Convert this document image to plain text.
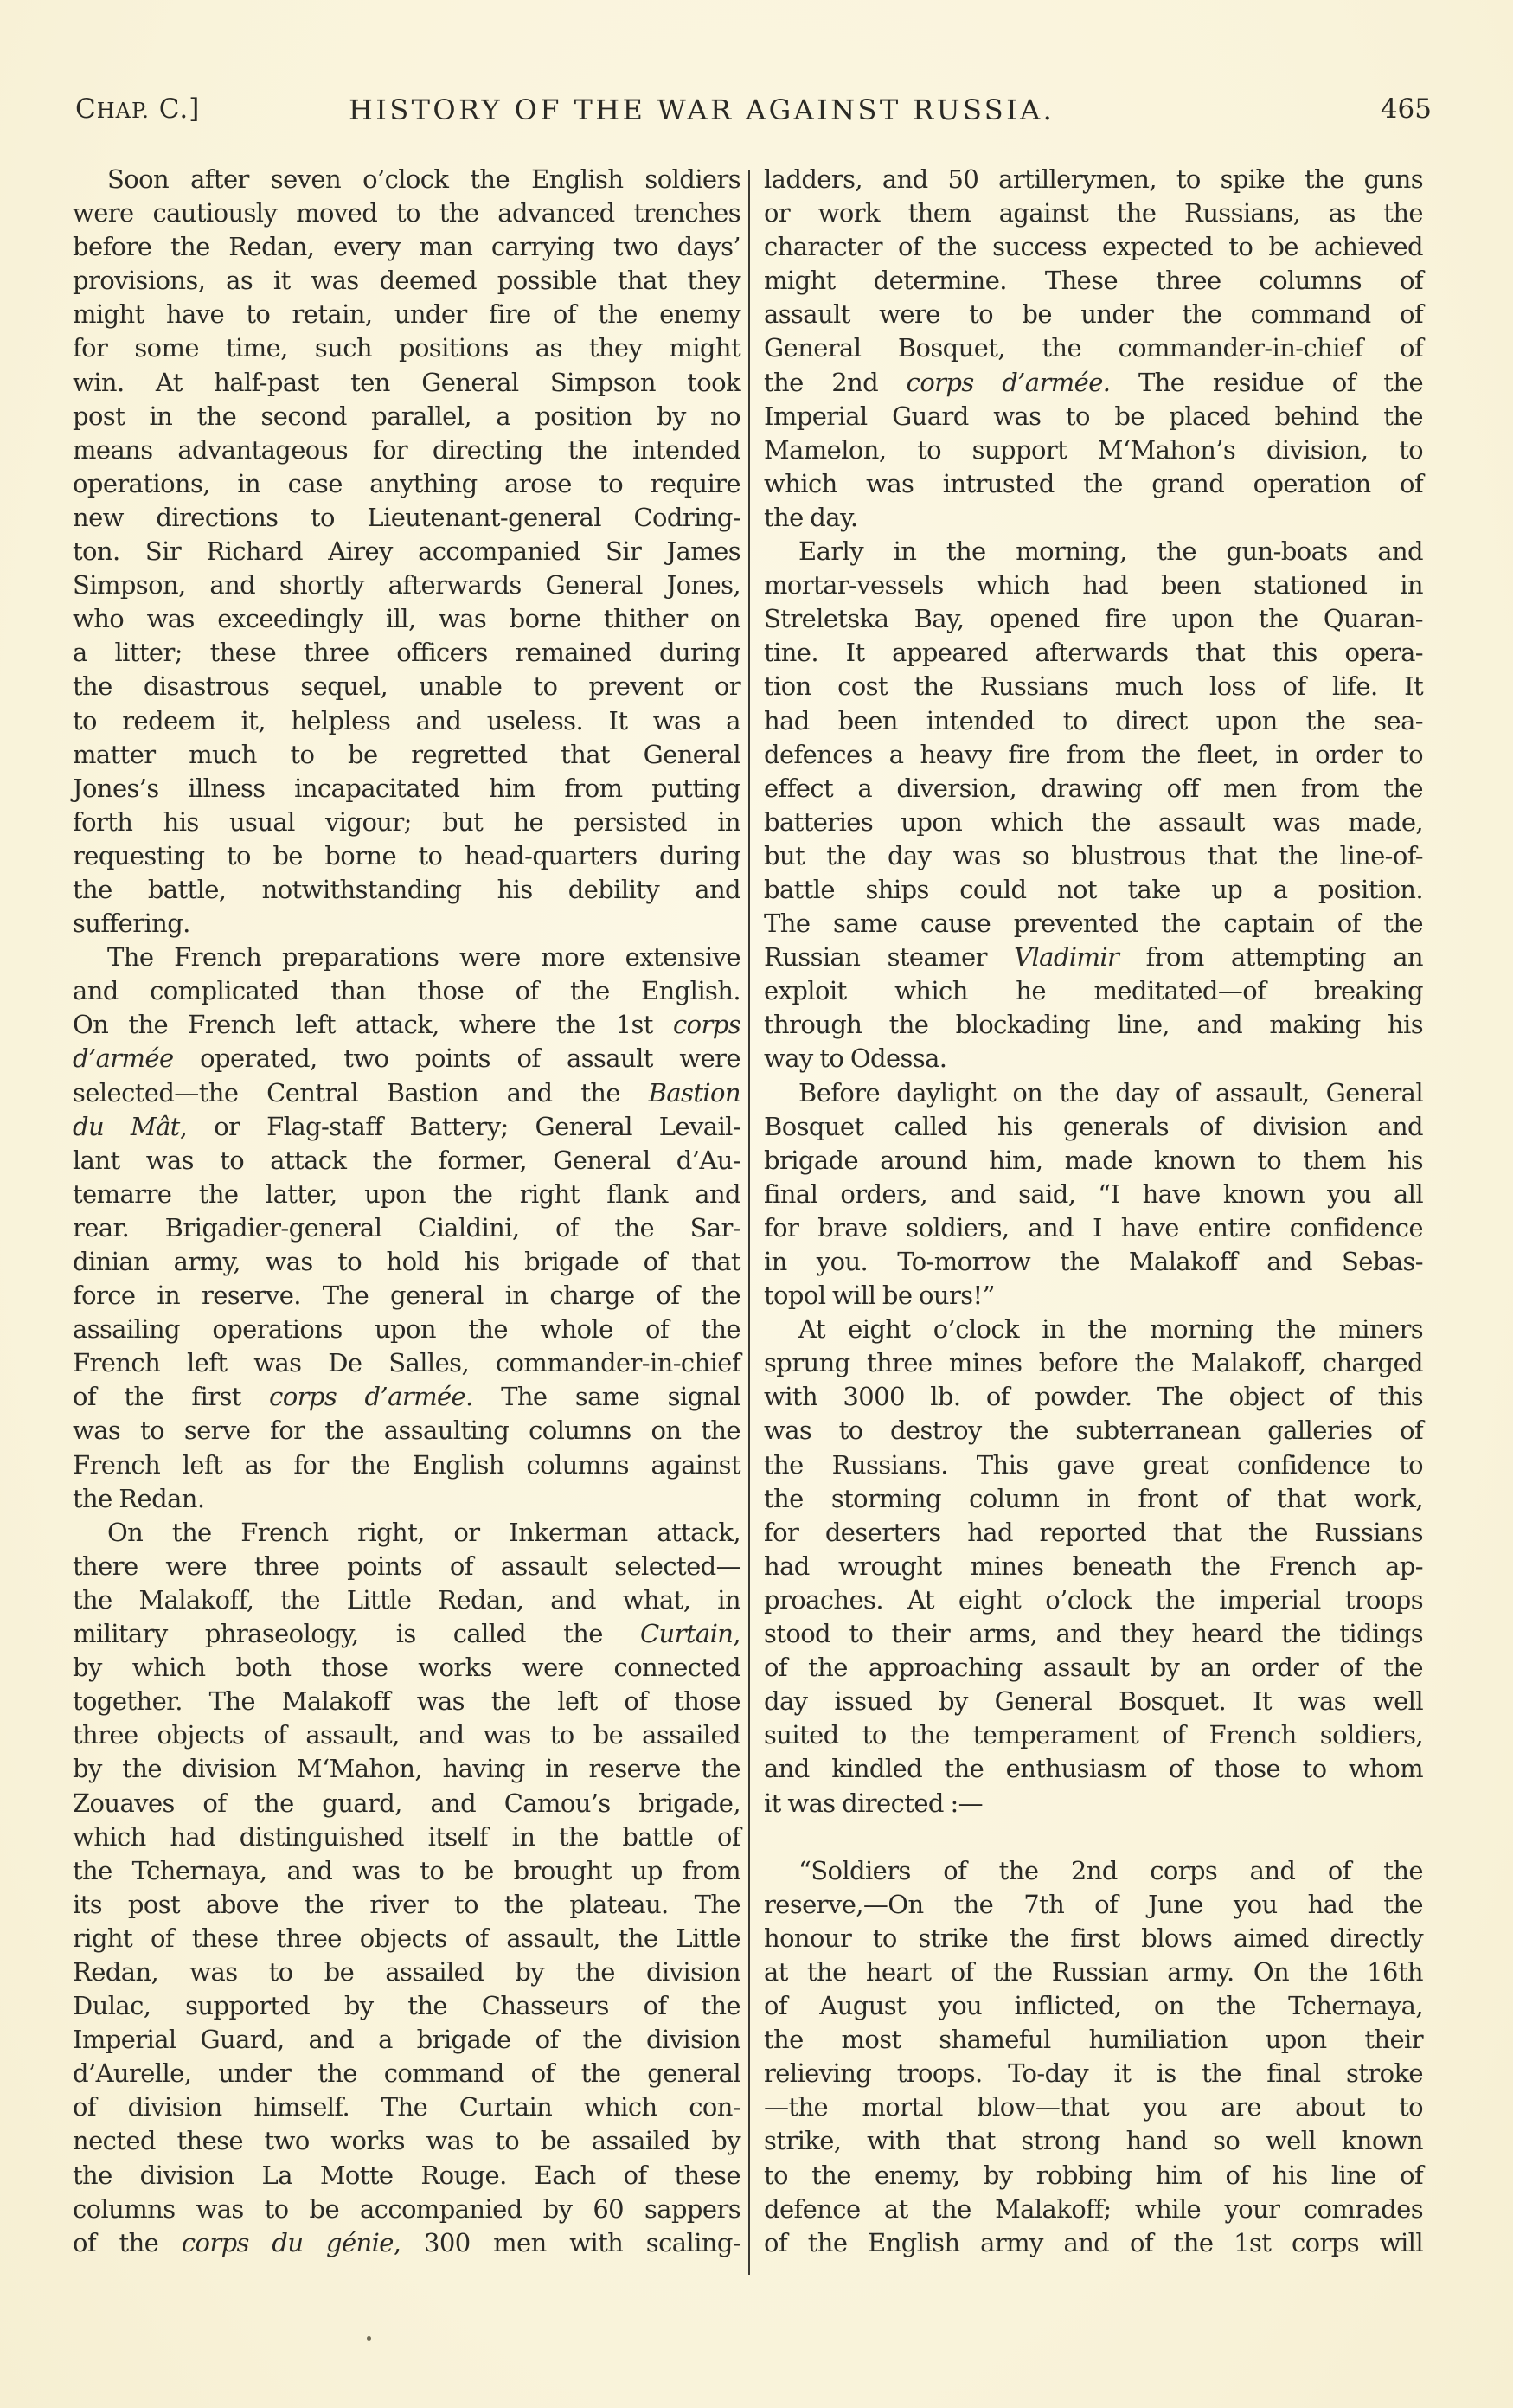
CHAP. C.]	HISTORY OF THE WAR AGAINST RUSSIA.	465
Soon after seven o’clock the English soldiers
were cautiously moved to the advanced trenches
before the Redan, every man carrying two days’
provisions, as it was deemed possible that they
might have to retain, under fire of the enemy
for some time, such positions as they might
win. At half-past ten General Simpson took
post in the second parallel, a position by no
means advantageous for directing the intended
operations, in case anything arose to require
new directions to Lieutenant-general Codring-
ton. Sir Richard Airey accompanied Sir James
Simpson, and shortly afterwards General Jones,
who was exceedingly ill, was borne thither on
a litter; these three officers remained during
the disastrous sequel, unable to prevent or
to redeem it, helpless and useless. It was a
matter much to be regretted that General
Jones’s illness incapacitated him from putting
forth his usual vigour; but he persisted in
requesting to be borne to head-quarters during
the battle, notwithstanding his debility and
suffering.
The French preparations were more extensive
and complicated than those of the English.
On the French left attack, where the 1st corps
d’armée operated, two points of assault were
selected—the Central Bastion and the Bastion
du Mât, or Flag-staff Battery; General Levail-
lant was to attack the former, General d’Au-
temarre the latter, upon the right flank and
rear. Brigadier-general Cialdini, of the Sar-
dinian army, was to hold his brigade of that
force in reserve. The general in charge of the
assailing operations upon the whole of the
French left was De Salles, commander-in-chief
of the first corps d’armée. The same signal
was to serve for the assaulting columns on the
French left as for the English columns against
the Redan.
On the French right, or Inkerman attack,
there were three points of assault selected—
the Malakoff, the Little Redan, and what, in
military phraseology, is called the Curtain,
by which both those works were connected
together. The Malakoff was the left of those
three objects of assault, and was to be assailed
by the division M‘Mahon, having in reserve the
Zouaves of the guard, and Camou’s brigade,
which had distinguished itself in the battle of
the Tchernaya, and was to be brought up from
its post above the river to the plateau. The
right of these three objects of assault, the Little
Redan, was to be assailed by the division
Dulac, supported by the Chasseurs of the
Imperial Guard, and a brigade of the division
d’Aurelle, under the command of the general
of division himself. The Curtain which con-
nected these two works was to be assailed by
the division La Motte Rouge. Each of these
columns was to be accompanied by 60 sappers
of the corps du génie, 300 men with scaling-
ladders, and 50 artillerymen, to spike the guns
or work them against the Russians, as the
character of the success expected to be achieved
might determine. These three columns of
assault were to be under the command of
General Bosquet, the commander-in-chief of
the 2nd corps d’armée. The residue of the
Imperial Guard was to be placed behind the
Mamelon, to support M‘Mahon’s division, to
which was intrusted the grand operation of
the day.
Early in the morning, the gun-boats and
mortar-vessels which had been stationed in
Streletska Bay, opened fire upon the Quaran-
tine. It appeared afterwards that this opera-
tion cost the Russians much loss of life. It
had been intended to direct upon the sea-
defences a heavy fire from the fleet, in order to
effect a diversion, drawing off men from the
batteries upon which the assault was made,
but the day was so blustrous that the line-of-
battle ships could not take up a position.
The same cause prevented the captain of the
Russian steamer Vladimir from attempting an
exploit which he meditated—of breaking
through the blockading line, and making his
way to Odessa.
Before daylight on the day of assault, General
Bosquet called his generals of division and
brigade around him, made known to them his
final orders, and said, “I have known you all
for brave soldiers, and I have entire confidence
in you. To-morrow the Malakoff and Sebas-
topol will be ours!”
At eight o’clock in the morning the miners
sprung three mines before the Malakoff, charged
with 3000 lb. of powder. The object of this
was to destroy the subterranean galleries of
the Russians. This gave great confidence to
the storming column in front of that work,
for deserters had reported that the Russians
had wrought mines beneath the French ap-
proaches. At eight o’clock the imperial troops
stood to their arms, and they heard the tidings
of the approaching assault by an order of the
day issued by General Bosquet. It was well
suited to the temperament of French soldiers,
and kindled the enthusiasm of those to whom
it was directed :—
“Soldiers of the 2nd corps and of the
reserve,—On the 7th of June you had the
honour to strike the first blows aimed directly
at the heart of the Russian army. On the 16th
of August you inflicted, on the Tchernaya,
the most shameful humiliation upon their
relieving troops. To-day it is the final stroke
—the mortal blow—that you are about to
strike, with that strong hand so well known
to the enemy, by robbing him of his line of
defence at the Malakoff; while your comrades
of the English army and of the 1st corps will
